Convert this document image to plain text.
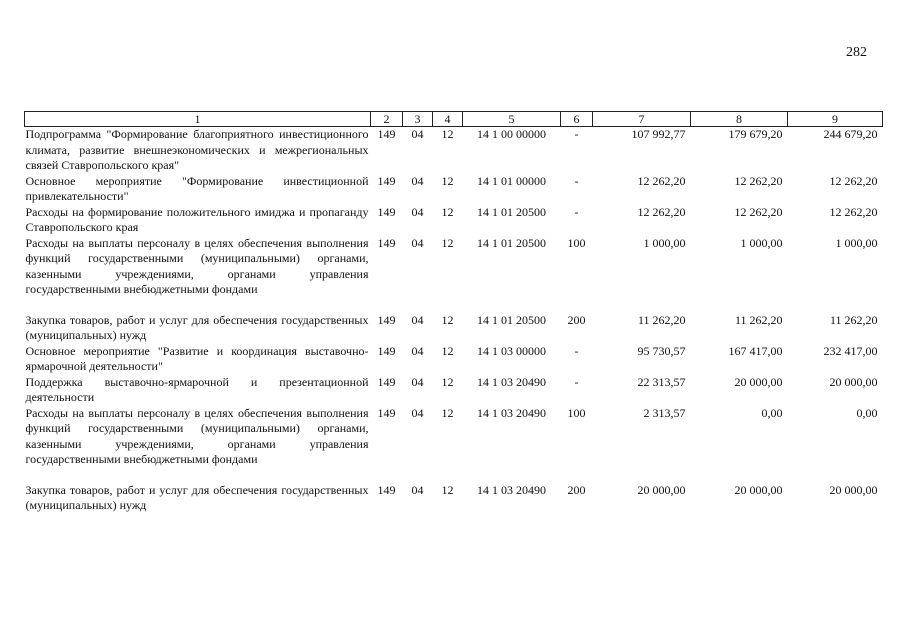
282
1	2	3	4	5	6	7	8	9
Подпрограмма "Формирование благоприятного инвестиционного климата, развитие внешнеэкономических и межрегиональных связей Ставропольского края"	149	04	12	14 1 00 00000	-	107 992,77	179 679,20	244 679,20
Основное мероприятие "Формирование инвестиционной привлекательности"	149	04	12	14 1 01 00000	-	12 262,20	12 262,20	12 262,20
Расходы на формирование положительного имиджа и пропаганду Ставропольского края	149	04	12	14 1 01 20500	-	12 262,20	12 262,20	12 262,20
Расходы на выплаты персоналу в целях обеспечения выполнения функций государственными (муниципальными) органами, казенными учреждениями, органами управления государственными внебюджетными фондами	149	04	12	14 1 01 20500	100	1 000,00	1 000,00	1 000,00
Закупка товаров, работ и услуг для обеспечения государственных (муниципальных) нужд	149	04	12	14 1 01 20500	200	11 262,20	11 262,20	11 262,20
Основное мероприятие "Развитие и координация выставочно-ярмарочной деятельности"	149	04	12	14 1 03 00000	-	95 730,57	167 417,00	232 417,00
Поддержка выставочно-ярмарочной и презентационной деятельности	149	04	12	14 1 03 20490	-	22 313,57	20 000,00	20 000,00
Расходы на выплаты персоналу в целях обеспечения выполнения функций государственными (муниципальными) органами, казенными учреждениями, органами управления государственными внебюджетными фондами	149	04	12	14 1 03 20490	100	2 313,57	0,00	0,00
Закупка товаров, работ и услуг для обеспечения государственных (муниципальных) нужд	149	04	12	14 1 03 20490	200	20 000,00	20 000,00	20 000,00
